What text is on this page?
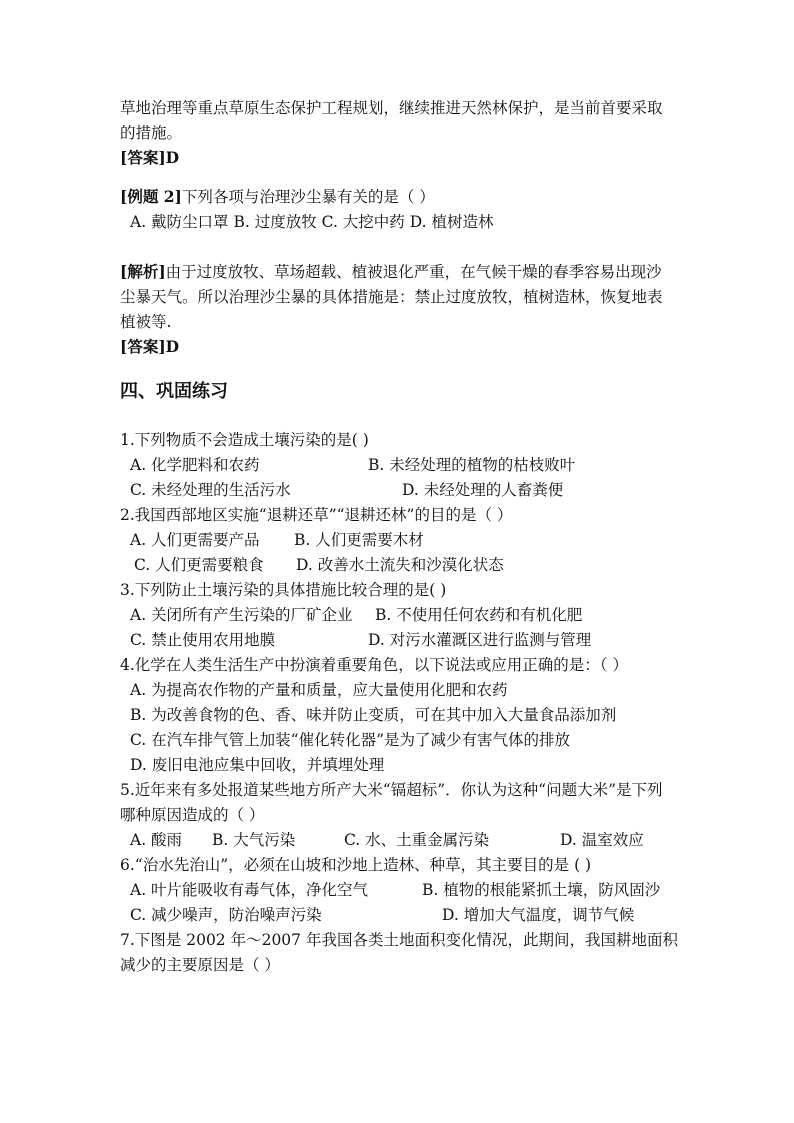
草地治理等重点草原生态保护工程规划，继续推进天然林保护，是当前首要采取
的措施。
[答案]D
[例题 2]下列各项与治理沙尘暴有关的是（ ）
A. 戴防尘口罩 B. 过度放牧 C. 大挖中药 D. 植树造林
[解析]由于过度放牧、草场超载、植被退化严重，在气候干燥的春季容易出现沙
尘暴天气。所以治理沙尘暴的具体措施是：禁止过度放牧，植树造林，恢复地表
植被等.
[答案]D
四、巩固练习
1.下列物质不会造成土壤污染的是( )
A. 化学肥料和农药	B. 未经处理的植物的枯枝败叶
C. 未经处理的生活污水	D. 未经处理的人畜粪便
2.我国西部地区实施“退耕还草”“退耕还林”的目的是（ ）
A. 人们更需要产品 B. 人们更需要木材
C. 人们更需要粮食 D. 改善水土流失和沙漠化状态
3.下列防止土壤污染的具体措施比较合理的是( )
A. 关闭所有产生污染的厂矿企业 B. 不使用任何农药和有机化肥
C. 禁止使用农用地膜	D. 对污水灌溉区进行监测与管理
4.化学在人类生活生产中扮演着重要角色，以下说法或应用正确的是：（ ）
A. 为提高农作物的产量和质量，应大量使用化肥和农药
B. 为改善食物的色、香、味并防止变质，可在其中加入大量食品添加剂
C. 在汽车排气管上加装“催化转化器”是为了减少有害气体的排放
D. 废旧电池应集中回收，并填埋处理
5.近年来有多处报道某些地方所产大米“镉超标”．你认为这种“问题大米”是下列
哪种原因造成的（ ）
A. 酸雨 B. 大气污染	C. 水、土重金属污染	D. 温室效应
6.“治水先治山”，必须在山坡和沙地上造林、种草，其主要目的是 ( )
A. 叶片能吸收有毒气体，净化空气	B. 植物的根能紧抓土壤，防风固沙
C. 减少噪声，防治噪声污染	D. 增加大气温度，调节气候
7.下图是 2002 年～2007 年我国各类土地面积变化情况，此期间，我国耕地面积
减少的主要原因是（ ）
